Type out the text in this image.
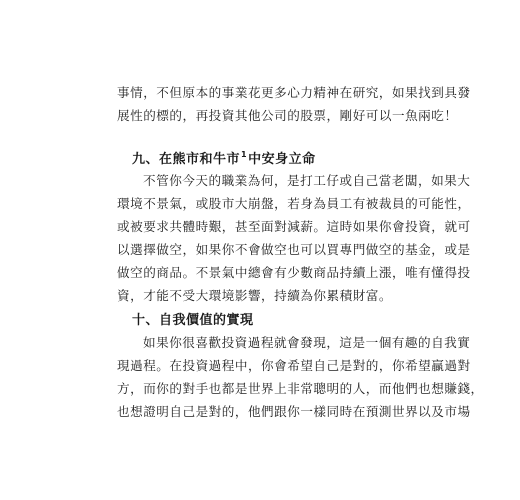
事情，不但原本的事業花更多心力精神在研究，如果找到具發
展性的標的，再投資其他公司的股票，剛好可以一魚兩吃！
九、在熊市和牛市$^1$中安身立命
不管你今天的職業為何，是打工仔或自己當老闆，如果大
環境不景氣，或股市大崩盤，若身為員工有被裁員的可能性，
或被要求共體時艱，甚至面對減薪。這時如果你會投資，就可
以選擇做空，如果你不會做空也可以買專門做空的基金，或是
做空的商品。不景氣中總會有少數商品持續上漲，唯有懂得投
資，才能不受大環境影響，持續為你累積財富。
十、自我價值的實現
如果你很喜歡投資過程就會發現，這是一個有趣的自我實
現過程。在投資過程中，你會希望自己是對的，你希望贏過對
方，而你的對手也都是世界上非常聰明的人，而他們也想賺錢，
也想證明自己是對的，他們跟你一樣同時在預測世界以及市場
